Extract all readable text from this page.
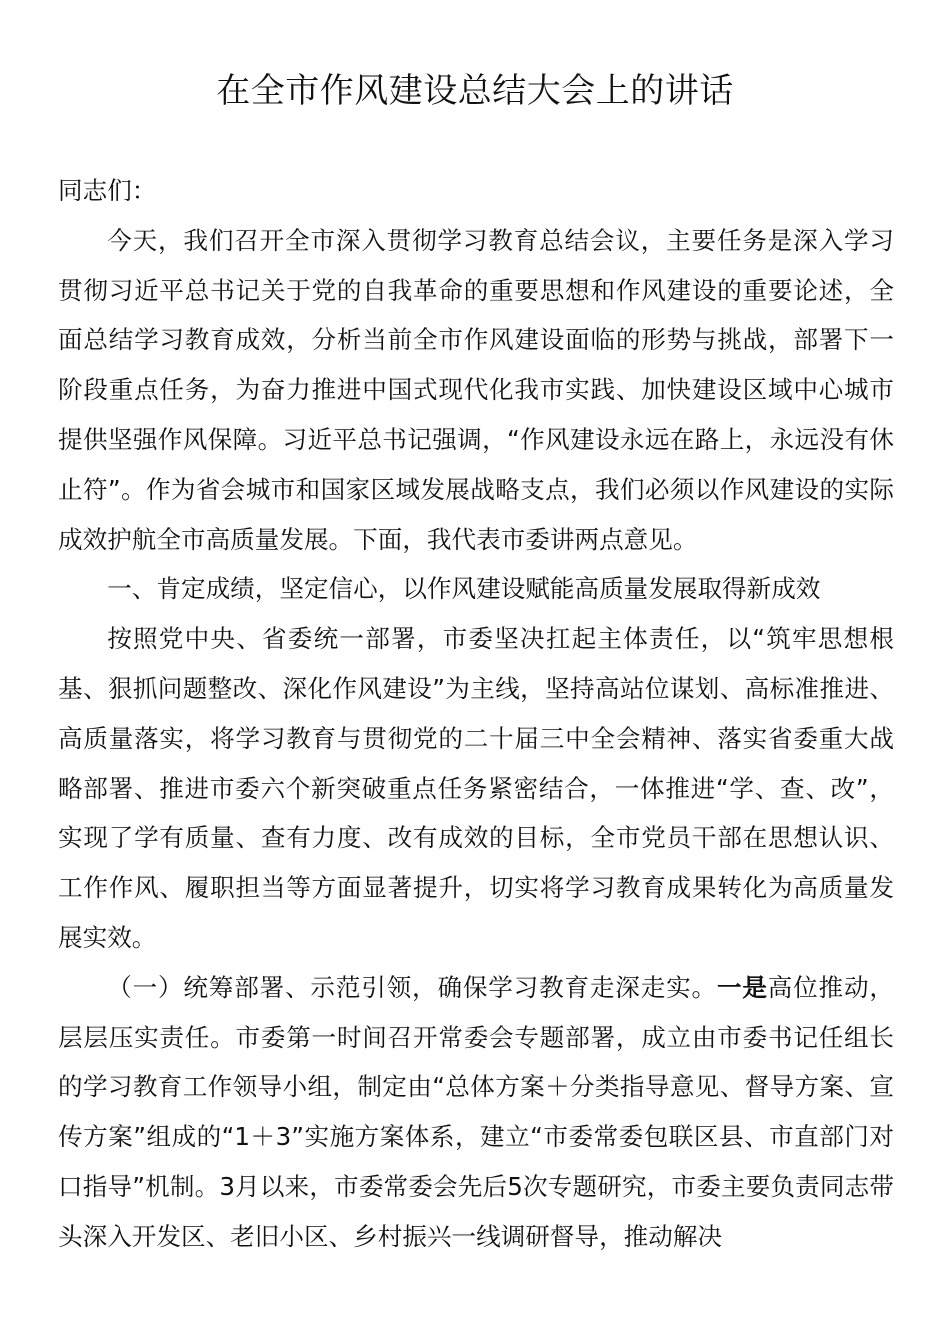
在全市作风建设总结大会上的讲话

同志们：

今天，我们召开全市深入贯彻学习教育总结会议，主要任务是深入学习贯彻习近平总书记关于党的自我革命的重要思想和作风建设的重要论述，全面总结学习教育成效，分析当前全市作风建设面临的形势与挑战，部署下一阶段重点任务，为奋力推进中国式现代化我市实践、加快建设区域中心城市提供坚强作风保障。习近平总书记强调，“作风建设永远在路上，永远没有休止符”。作为省会城市和国家区域发展战略支点，我们必须以作风建设的实际成效护航全市高质量发展。下面，我代表市委讲两点意见。

一、肯定成绩，坚定信心，以作风建设赋能高质量发展取得新成效

按照党中央、省委统一部署，市委坚决扛起主体责任，以“筑牢思想根基、狠抓问题整改、深化作风建设”为主线，坚持高站位谋划、高标准推进、高质量落实，将学习教育与贯彻党的二十届三中全会精神、落实省委重大战略部署、推进市委六个新突破重点任务紧密结合，一体推进“学、查、改”，实现了学有质量、查有力度、改有成效的目标，全市党员干部在思想认识、工作作风、履职担当等方面显著提升，切实将学习教育成果转化为高质量发展实效。

（一）统筹部署、示范引领，确保学习教育走深走实。一是高位推动，层层压实责任。市委第一时间召开常委会专题部署，成立由市委书记任组长的学习教育工作领导小组，制定由“总体方案＋分类指导意见、督导方案、宣传方案”组成的“1＋3”实施方案体系，建立“市委常委包联区县、市直部门对口指导”机制。3月以来，市委常委会先后5次专题研究，市委主要负责同志带头深入开发区、老旧小区、乡村振兴一线调研督导，推动解决
